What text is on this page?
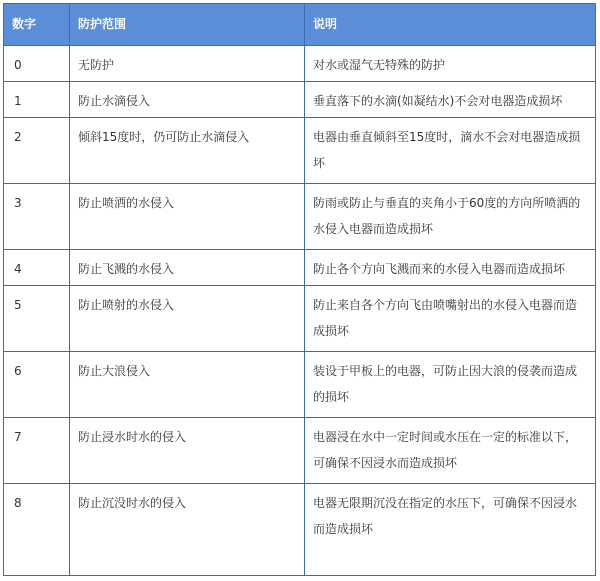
数字	防护范围	说明
0	无防护	对水或湿气无特殊的防护
1	防止水滴侵入	垂直落下的水滴(如凝结水)不会对电器造成损坏
2	倾斜15度时，仍可防止水滴侵入	电器由垂直倾斜至15度时，滴水不会对电器造成损坏
3	防止喷洒的水侵入	防雨或防止与垂直的夹角小于60度的方向所喷洒的水侵入电器而造成损坏
4	防止飞溅的水侵入	防止各个方向飞溅而来的水侵入电器而造成损坏
5	防止喷射的水侵入	防止来自各个方向飞由喷嘴射出的水侵入电器而造成损坏
6	防止大浪侵入	装设于甲板上的电器，可防止因大浪的侵袭而造成的损坏
7	防止浸水时水的侵入	电器浸在水中一定时间或水压在一定的标准以下，可确保不因浸水而造成损坏
8	防止沉没时水的侵入	电器无限期沉没在指定的水压下，可确保不因浸水而造成损坏
